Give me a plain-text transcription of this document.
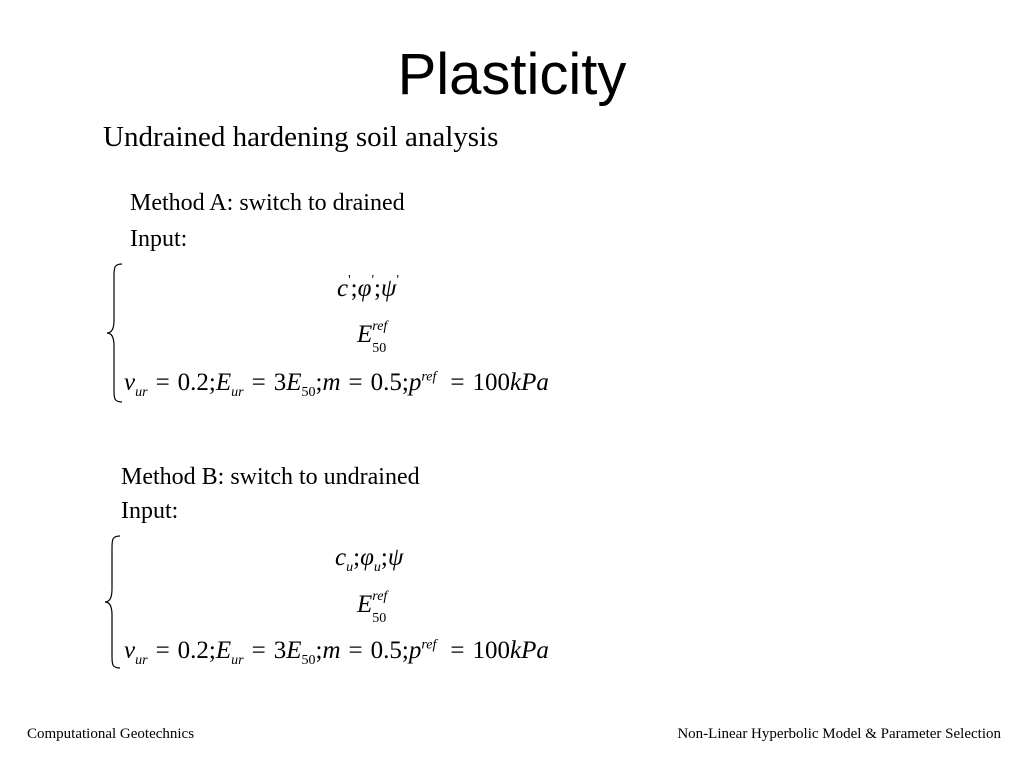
Plasticity
Undrained hardening soil analysis
Method A: switch to drained
Input:
c';φ';ψ'
E ref
50
$\nu_{ur}$ = $0.2;E_{ur}$ = $3E_{50};m$ = $0.5;p^{ref} = 100kPa$
Method B: switch to undrained
Input:
$c_u;\varphi_u;\psi$
E ref
50
$\nu_{ur}$ = $0.2;E_{ur}$ = $3E_{50};m$ = $0.5;p^{ref} = 100kPa$
Computational Geotechnics	Non-Linear Hyperbolic Model & Parameter Selection
